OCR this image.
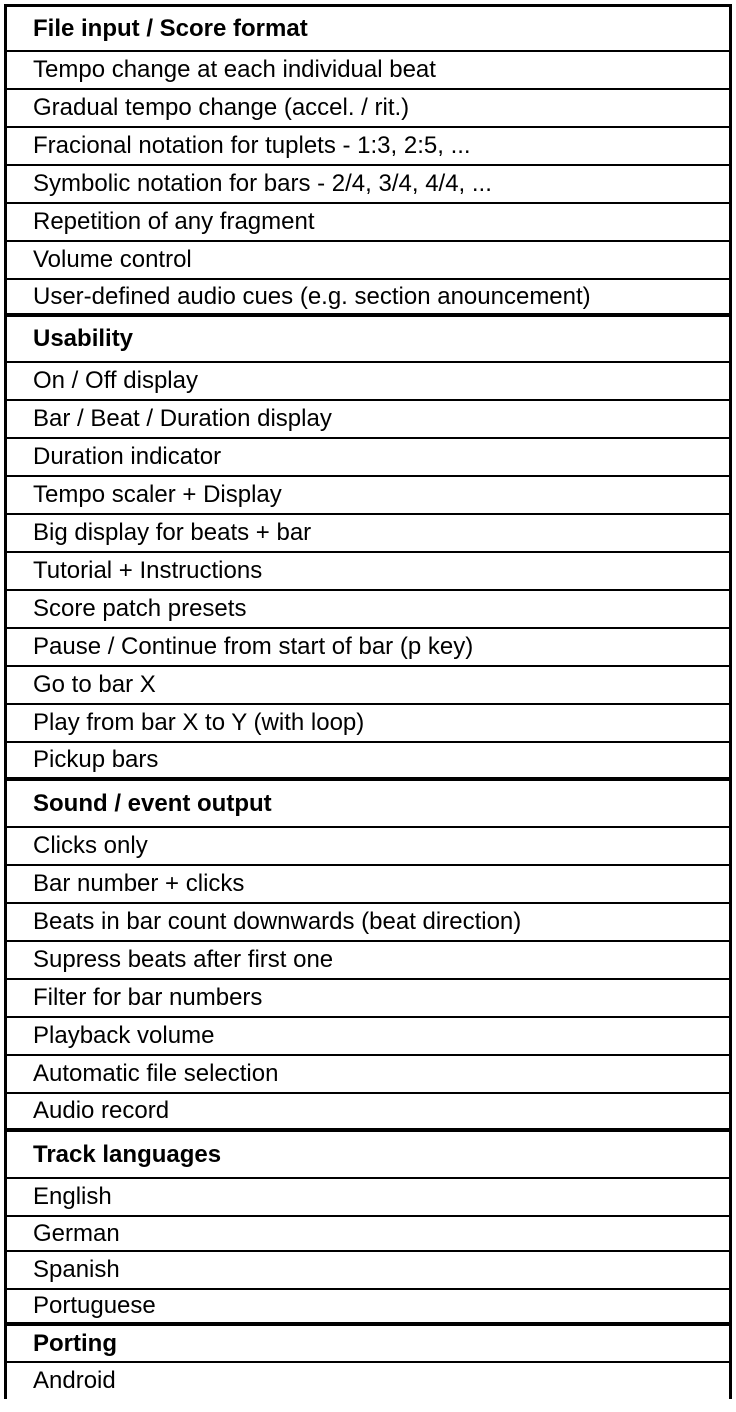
File input / Score format
Tempo change at each individual beat
Gradual tempo change (accel. / rit.)
Fracional notation for tuplets - 1:3, 2:5, ...
Symbolic notation for bars - 2/4, 3/4, 4/4, ...
Repetition of any fragment
Volume control
User-defined audio cues (e.g. section anouncement)
Usability
On / Off display
Bar / Beat / Duration display
Duration indicator
Tempo scaler + Display
Big display for beats + bar
Tutorial + Instructions
Score patch presets
Pause / Continue from start of bar (p key)
Go to bar X
Play from bar X to Y (with loop)
Pickup bars
Sound / event output
Clicks only
Bar number + clicks
Beats in bar count downwards (beat direction)
Supress beats after first one
Filter for bar numbers
Playback volume
Automatic file selection
Audio record
Track languages
English
German
Spanish
Portuguese
Porting
Android
